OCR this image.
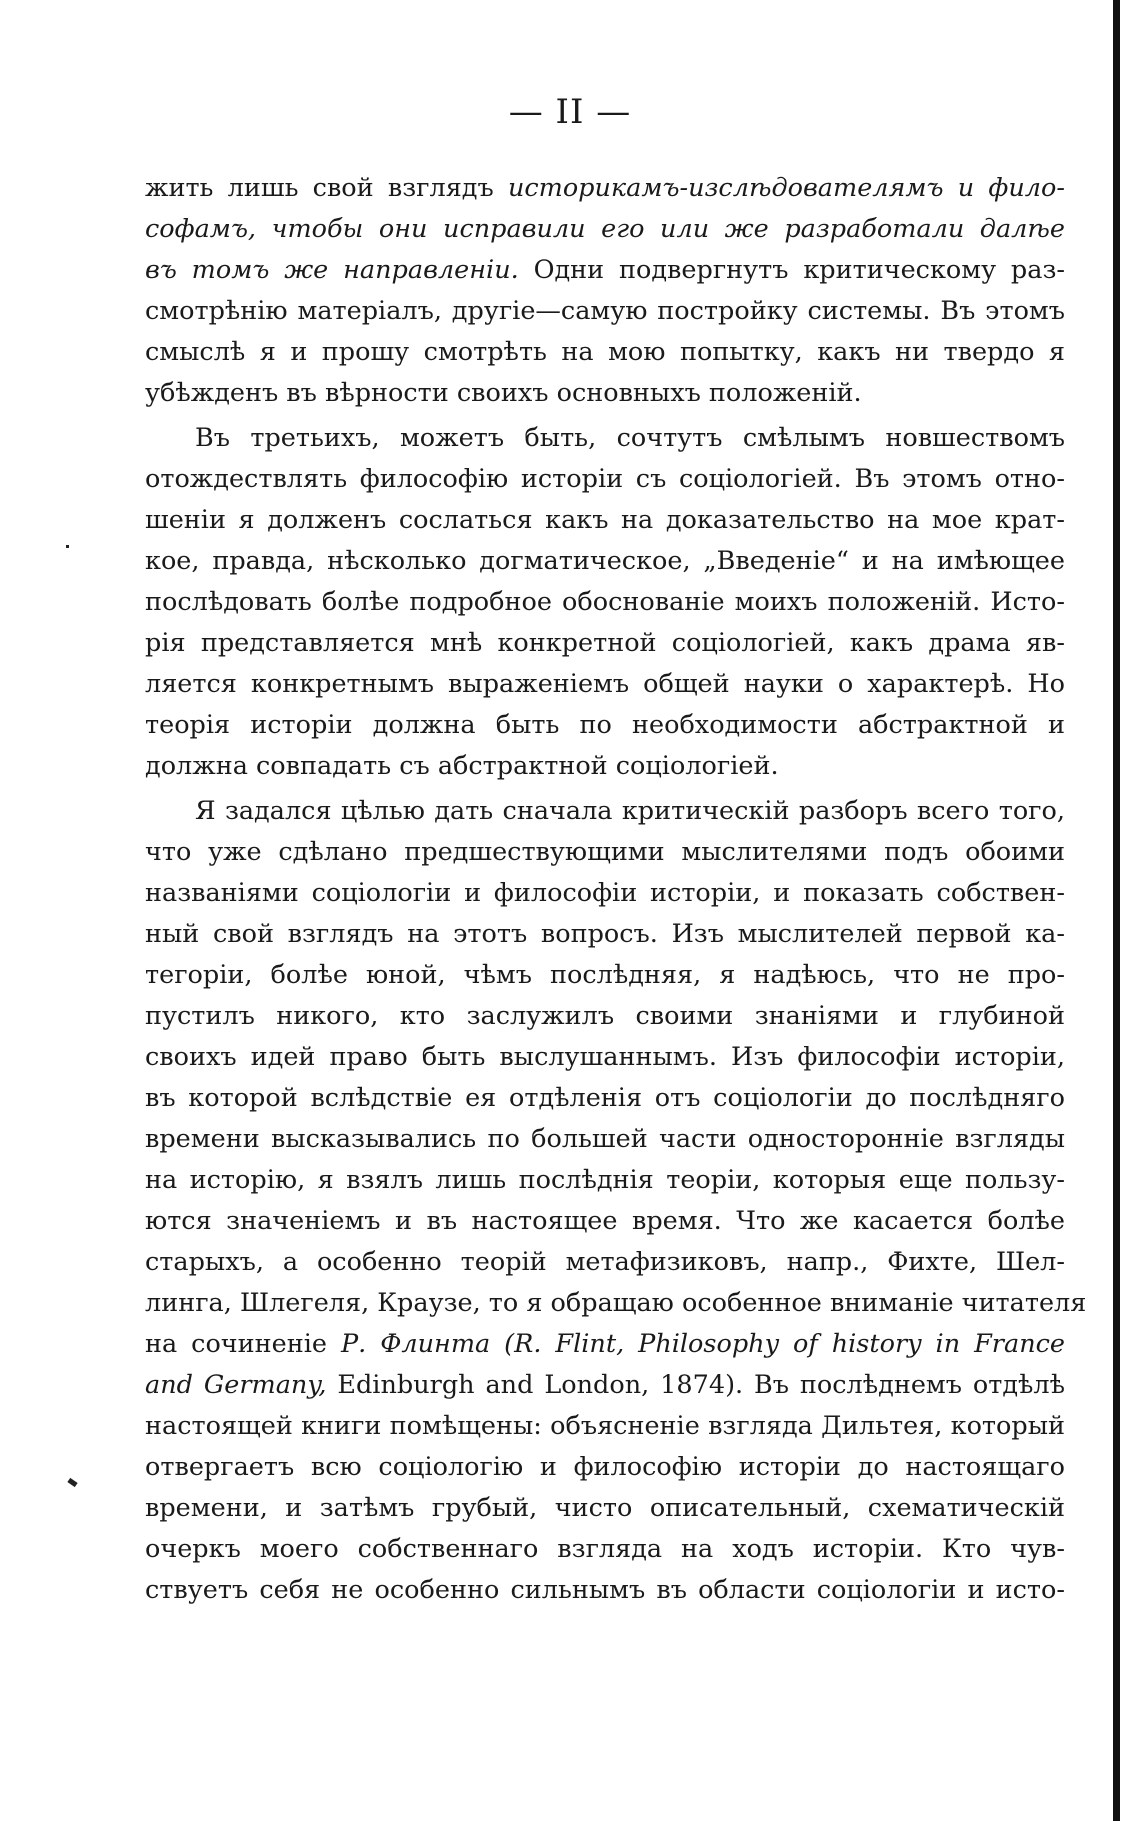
— II —
жить лишь свой взглядъ историкамъ-изслѣдователямъ и фило-
софамъ, чтобы они исправили его или же разработали далѣе
въ томъ же направленіи. Одни подвергнутъ критическому раз-
смотрѣнію матеріалъ, другіе—самую постройку системы. Въ этомъ
смыслѣ я и прошу смотрѣть на мою попытку, какъ ни твердо я
убѣжденъ въ вѣрности своихъ основныхъ положеній.
Въ третьихъ, можетъ быть, сочтутъ смѣлымъ новшествомъ
отождествлять философію исторіи съ соціологіей. Въ этомъ отно-
шеніи я долженъ сослаться какъ на доказательство на мое крат-
кое, правда, нѣсколько догматическое, „Введеніе“ и на имѣющее
послѣдовать болѣе подробное обоснованіе моихъ положеній. Исто-
рія представляется мнѣ конкретной соціологіей, какъ драма яв-
ляется конкретнымъ выраженіемъ общей науки о характерѣ. Но
теорія исторіи должна быть по необходимости абстрактной и
должна совпадать съ абстрактной соціологіей.
Я задался цѣлью дать сначала критическій разборъ всего того,
что уже сдѣлано предшествующими мыслителями подъ обоими
названіями соціологіи и философіи исторіи, и показать собствен-
ный свой взглядъ на этотъ вопросъ. Изъ мыслителей первой ка-
тегоріи, болѣе юной, чѣмъ послѣдняя, я надѣюсь, что не про-
пустилъ никого, кто заслужилъ своими знаніями и глубиной
своихъ идей право быть выслушаннымъ. Изъ философіи исторіи,
въ которой вслѣдствіе ея отдѣленія отъ соціологіи до послѣдняго
времени высказывались по большей части односторонніе взгляды
на исторію, я взялъ лишь послѣднія теоріи, которыя еще пользу-
ются значеніемъ и въ настоящее время. Что же касается болѣе
старыхъ, а особенно теорій метафизиковъ, напр., Фихте, Шел-
линга, Шлегеля, Краузе, то я обращаю особенное вниманіе читателя
на сочиненіе Р. Флинта (R. Flint, Philosophy of history in France
and Germany, Edinburgh and London, 1874). Въ послѣднемъ отдѣлѣ
настоящей книги помѣщены: объясненіе взгляда Дильтея, который
отвергаетъ всю соціологію и философію исторіи до настоящаго
времени, и затѣмъ грубый, чисто описательный, схематическій
очеркъ моего собственнаго взгляда на ходъ исторіи. Кто чув-
ствуетъ себя не особенно сильнымъ въ области соціологіи и исто-
